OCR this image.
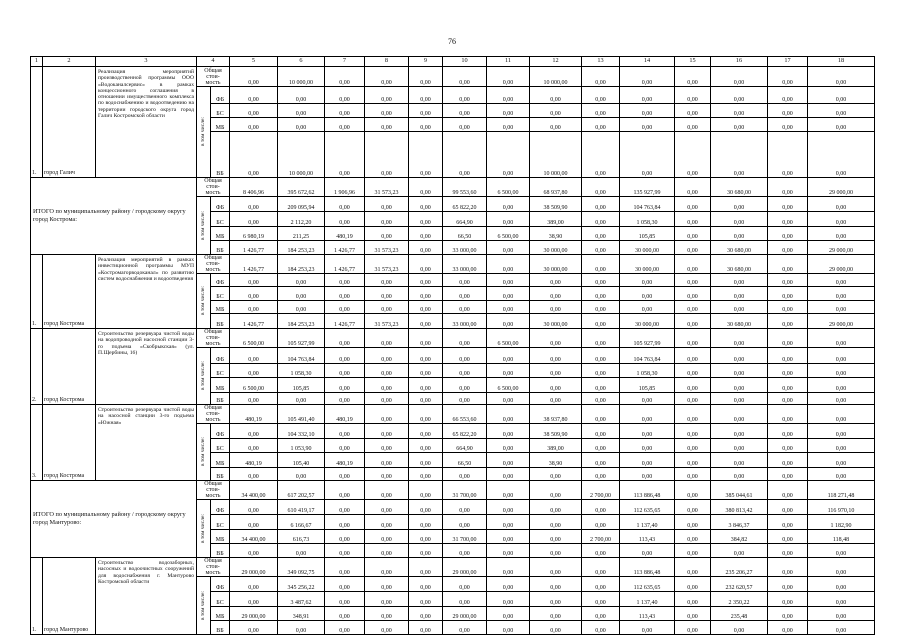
76
1	2	3	4		5	6	7	8	9	10	11	12	13	14	15	16	17	18
1.	город Галич	Реализация мероприятий производственной программы ООО «Водоканалсервис» в рамках концессионного соглашения в отношении имущественного комплекса по водоснабжению и водоотведению на территории городского округа город Галич Костромской области	Общая стои-
мость		0,00	10 000,00	0,00	0,00	0,00	0,00	0,00	10 000,00	0,00	0,00	0,00	0,00	0,00	0,00

			в том числе:	ФБ	0,00	0,00	0,00	0,00	0,00	0,00	0,00	0,00	0,00	0,00	0,00	0,00	0,00	0,00
				БС	0,00	0,00	0,00	0,00	0,00	0,00	0,00	0,00	0,00	0,00	0,00	0,00	0,00	0,00
				МБ	0,00	0,00	0,00	0,00	0,00	0,00	0,00	0,00	0,00	0,00	0,00	0,00	0,00	0,00
				ВБ	0,00	10 000,00	0,00	0,00	0,00	0,00	0,00	10 000,00	0,00	0,00	0,00	0,00	0,00	0,00
ИТОГО по муниципальному району / городскому округу город Кострома:			Общая стои-
мость		8 406,96	395 672,62	1 906,96	31 573,23	0,00	99 553,60	6 500,00	68 937,80	0,00	135 927,99	0,00	30 680,00	0,00	29 000,00

			в том числе:	ФБ	0,00	209 095,94	0,00	0,00	0,00	65 822,20	0,00	38 509,90	0,00	104 763,84	0,00	0,00	0,00	0,00
				БС	0,00	2 112,20	0,00	0,00	0,00	664,90	0,00	389,00	0,00	1 058,30	0,00	0,00	0,00	0,00
				МБ	6 980,19	211,25	480,19	0,00	0,00	66,50	6 500,00	38,90	0,00	105,85	0,00	0,00	0,00	0,00
				ВБ	1 426,77	184 253,23	1 426,77	31 573,23	0,00	33 000,00	0,00	30 000,00	0,00	30 000,00	0,00	30 680,00	0,00	29 000,00
1.	город Кострома	Реализация мероприятий в рамках инвестиционной программы МУП «Костромагорводоканал» по развитию систем водоснабжения и водоотведения	Общая стои-
мость		1 426,77	184 253,23	1 426,77	31 573,23	0,00	33 000,00	0,00	30 000,00	0,00	30 000,00	0,00	30 680,00	0,00	29 000,00

			в том числе:	ФБ	0,00	0,00	0,00	0,00	0,00	0,00	0,00	0,00	0,00	0,00	0,00	0,00	0,00	0,00
				БС	0,00	0,00	0,00	0,00	0,00	0,00	0,00	0,00	0,00	0,00	0,00	0,00	0,00	0,00
				МБ	0,00	0,00	0,00	0,00	0,00	0,00	0,00	0,00	0,00	0,00	0,00	0,00	0,00	0,00
				ВБ	1 426,77	184 253,23	1 426,77	31 573,23	0,00	33 000,00	0,00	30 000,00	0,00	30 000,00	0,00	30 680,00	0,00	29 000,00
2.	город Кострома	Строительство резервуара чистой воды на водопроводной насосной станции 3-го подъема «Скобрыкская» (ул. П.Щербины, 16)	Общая стои-
мость		6 500,00	105 927,99	0,00	0,00	0,00	0,00	6 500,00	0,00	0,00	105 927,99	0,00	0,00	0,00	0,00

			в том числе:	ФБ	0,00	104 763,84	0,00	0,00	0,00	0,00	0,00	0,00	0,00	104 763,84	0,00	0,00	0,00	0,00
				БС	0,00	1 058,30	0,00	0,00	0,00	0,00	0,00	0,00	0,00	1 058,30	0,00	0,00	0,00	0,00
				МБ	6 500,00	105,85	0,00	0,00	0,00	0,00	6 500,00	0,00	0,00	105,85	0,00	0,00	0,00	0,00
				ВБ	0,00	0,00	0,00	0,00	0,00	0,00	0,00	0,00	0,00	0,00	0,00	0,00	0,00	0,00
3.	город Кострома	Строительство резервуара чистой воды на насосной станции 3-го подъема «Южная»	Общая стои-
мость		480,19	105 491,40	480,19	0,00	0,00	66 553,60	0,00	38 937,80	0,00	0,00	0,00	0,00	0,00	0,00

			в том числе:	ФБ	0,00	104 332,10	0,00	0,00	0,00	65 822,20	0,00	38 509,90	0,00	0,00	0,00	0,00	0,00	0,00
				БС	0,00	1 053,90	0,00	0,00	0,00	664,90	0,00	389,00	0,00	0,00	0,00	0,00	0,00	0,00
				МБ	480,19	105,40	480,19	0,00	0,00	66,50	0,00	38,90	0,00	0,00	0,00	0,00	0,00	0,00
				ВБ	0,00	0,00	0,00	0,00	0,00	0,00	0,00	0,00	0,00	0,00	0,00	0,00	0,00	0,00
ИТОГО по муниципальному району / городскому округу город Мантурово:			Общая стои-
мость		34 400,00	617 202,57	0,00	0,00	0,00	31 700,00	0,00	0,00	2 700,00	113 886,48	0,00	385 044,61	0,00	118 271,48

			в том числе:	ФБ	0,00	610 419,17	0,00	0,00	0,00	0,00	0,00	0,00	0,00	112 635,65	0,00	380 813,42	0,00	116 970,10
				БС	0,00	6 166,67	0,00	0,00	0,00	0,00	0,00	0,00	0,00	1 137,40	0,00	3 846,37	0,00	1 182,90
				МБ	34 400,00	616,73	0,00	0,00	0,00	31 700,00	0,00	0,00	2 700,00	113,43	0,00	384,82	0,00	118,48
				ВБ	0,00	0,00	0,00	0,00	0,00	0,00	0,00	0,00	0,00	0,00	0,00	0,00	0,00	0,00
1.	город Мантурово	Строительство водозаборных, насосных и водоочистных сооружений для водоснабжения г. Мантурово Костромской области	Общая стои-
мость		29 000,00	349 092,75	0,00	0,00	0,00	29 000,00	0,00	0,00	0,00	113 886,48	0,00	235 206,27	0,00	0,00

			в том числе:	ФБ	0,00	345 256,22	0,00	0,00	0,00	0,00	0,00	0,00	0,00	112 635,65	0,00	232 620,57	0,00	0,00
				БС	0,00	3 487,62	0,00	0,00	0,00	0,00	0,00	0,00	0,00	1 137,40	0,00	2 350,22	0,00	0,00
				МБ	29 000,00	348,91	0,00	0,00	0,00	29 000,00	0,00	0,00	0,00	113,43	0,00	235,48	0,00	0,00
				ВБ	0,00	0,00	0,00	0,00	0,00	0,00	0,00	0,00	0,00	0,00	0,00	0,00	0,00	0,00
